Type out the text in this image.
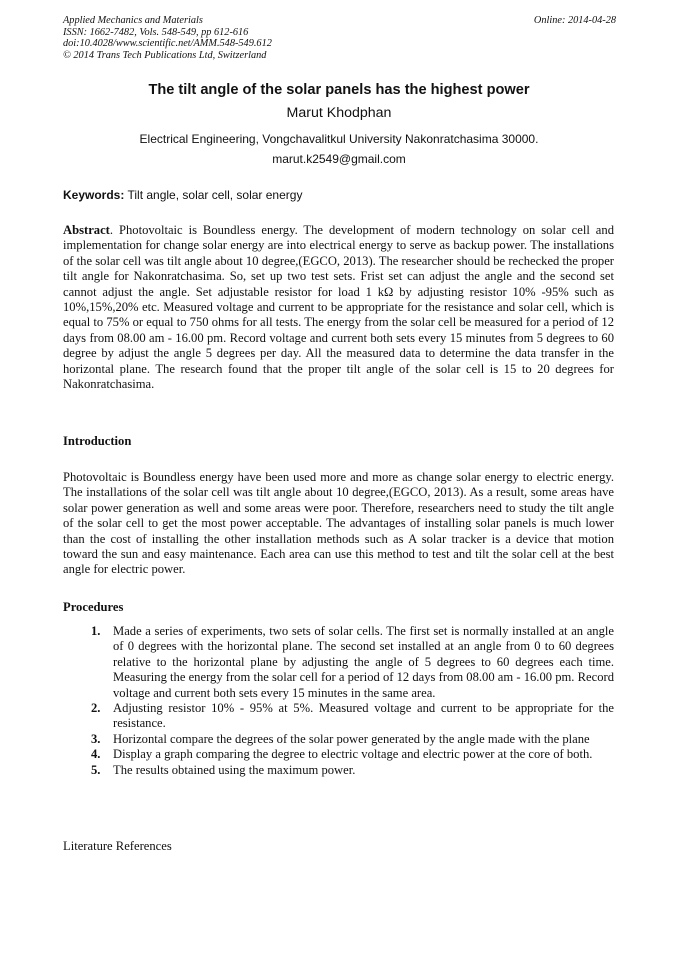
Applied Mechanics and Materials
ISSN: 1662-7482, Vols. 548-549, pp 612-616
doi:10.4028/www.scientific.net/AMM.548-549.612
© 2014 Trans Tech Publications Ltd, Switzerland
Online: 2014-04-28
The tilt angle of the solar panels has the highest power
Marut Khodphan
Electrical Engineering, Vongchavalitkul University Nakonratchasima 30000.
marut.k2549@gmail.com
Keywords: Tilt angle, solar cell, solar energy
Abstract. Photovoltaic is Boundless energy. The development of modern technology on solar cell and implementation for change solar energy are into electrical energy to serve as backup power. The installations of the solar cell was tilt angle about 10 degree,(EGCO, 2013). The researcher should be rechecked the proper tilt angle for Nakonratchasima. So, set up two test sets. Frist set can adjust the angle and the second set cannot adjust the angle. Set adjustable resistor for load 1 kΩ by adjusting resistor 10% -95% such as 10%,15%,20% etc. Measured voltage and current to be appropriate for the resistance and solar cell, which is equal to 75% or equal to 750 ohms for all tests. The energy from the solar cell be measured for a period of 12 days from 08.00 am - 16.00 pm. Record voltage and current both sets every 15 minutes from 5 degrees to 60 degree by adjust the angle 5 degrees per day. All the measured data to determine the data transfer in the horizontal plane. The research found that the proper tilt angle of the solar cell is 15 to 20 degrees for Nakonratchasima.
Introduction
Photovoltaic is Boundless energy have been used more and more as change solar energy to electric energy. The installations of the solar cell was tilt angle about 10 degree,(EGCO, 2013). As a result, some areas have solar power generation as well and some areas were poor. Therefore, researchers need to study the tilt angle of the solar cell to get the most power acceptable. The advantages of installing solar panels is much lower than the cost of installing the other installation methods such as A solar tracker is a device that motion toward the sun and easy maintenance. Each area can use this method to test and tilt the solar cell at the best angle for electric power.
Procedures
1. Made a series of experiments, two sets of solar cells. The first set is normally installed at an angle of 0 degrees with the horizontal plane. The second set installed at an angle from 0 to 60 degrees relative to the horizontal plane by adjusting the angle of 5 degrees to 60 degrees each time. Measuring the energy from the solar cell for a period of 12 days from 08.00 am - 16.00 pm. Record voltage and current both sets every 15 minutes in the same area.
2. Adjusting resistor 10% - 95% at 5%. Measured voltage and current to be appropriate for the resistance.
3. Horizontal compare the degrees of the solar power generated by the angle made with the plane
4. Display a graph comparing the degree to electric voltage and electric power at the core of both.
5. The results obtained using the maximum power.
Literature References
